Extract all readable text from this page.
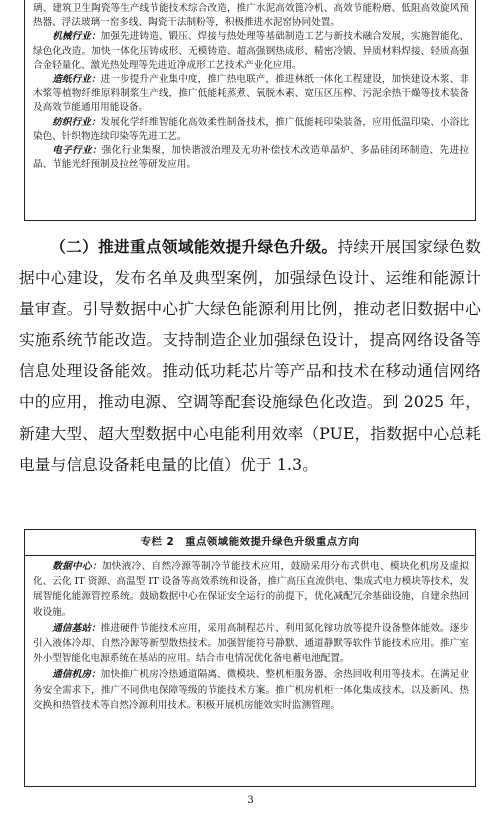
璃、建筑卫生陶瓷等生产线节能技术综合改造，推广水泥高效篦冷机、高效节能粉磨、低阻高效旋风预热器、浮法玻璃一窑多线、陶瓷干法制粉等，积极推进水泥窑协同处置。

机械行业：加强先进铸造、锻压、焊接与热处理等基础制造工艺与新技术融合发展，实施智能化、绿色化改造。加快一体化压铸成形、无模铸造、超高强钢热成形、精密冷锻、异质材料焊接、轻质高强合金轻量化、激光热处理等先进近净成形工艺技术产业化应用。

造纸行业：进一步提升产业集中度，推广热电联产，推进林纸一体化工程建设，加快建设木浆、非木浆等植物纤维原料制浆生产线，推广低能耗蒸煮、氧脱木素、宽压区压榨、污泥余热干燥等技术装备及高效节能通用用能设备。

纺织行业：发展化学纤维智能化高效柔性制备技术，推广低能耗印染装备，应用低温印染、小浴比染色、针织物连续印染等先进工艺。

电子行业：强化行业集聚，加快谐波治理及无功补偿技术改造单晶炉、多晶硅闭环制造、先进拉晶、节能光纤预制及拉丝等研发应用。

（二）推进重点领域能效提升绿色升级。持续开展国家绿色数据中心建设，发布名单及典型案例，加强绿色设计、运维和能源计量审查。引导数据中心扩大绿色能源利用比例，推动老旧数据中心实施系统节能改造。支持制造企业加强绿色设计，提高网络设备等信息处理设备能效。推动低功耗芯片等产品和技术在移动通信网络中的应用，推动电源、空调等配套设施绿色化改造。到 2025 年，新建大型、超大型数据中心电能利用效率（PUE，指数据中心总耗电量与信息设备耗电量的比值）优于 1.3。

专栏 2　重点领域能效提升绿色升级重点方向

数据中心：加快液冷、自然冷源等制冷节能技术应用，鼓励采用分布式供电、模块化机房及虚拟化、云化 IT 资源、高温型 IT 设备等高效系统和设备，推广高压直流供电、集成式电力模块等技术，发展智能化能源管控系统。鼓励数据中心在保证安全运行的前提下，优化减配冗余基础设施，自建余热回收设施。

通信基站：推进硬件节能技术应用，采用高制程芯片、利用氮化镓功放等提升设备整体能效。逐步引入液体冷却、自然冷源等新型散热技术。加强智能符号静默、通道静默等软件节能技术应用。推广室外小型智能化电源系统在基站的应用。结合市电情况优化备电蓄电池配置。

通信机房：加快推广机房冷热通道隔离、微模块、整机柜服务器、余热回收利用等技术。在满足业务安全需求下，推广不同供电保障等级的节能技术方案。推广机房机柜一体化集成技术，以及新风、热交换和热管技术等自然冷源利用技术。积极开展机房能效实时监测管理。

3
